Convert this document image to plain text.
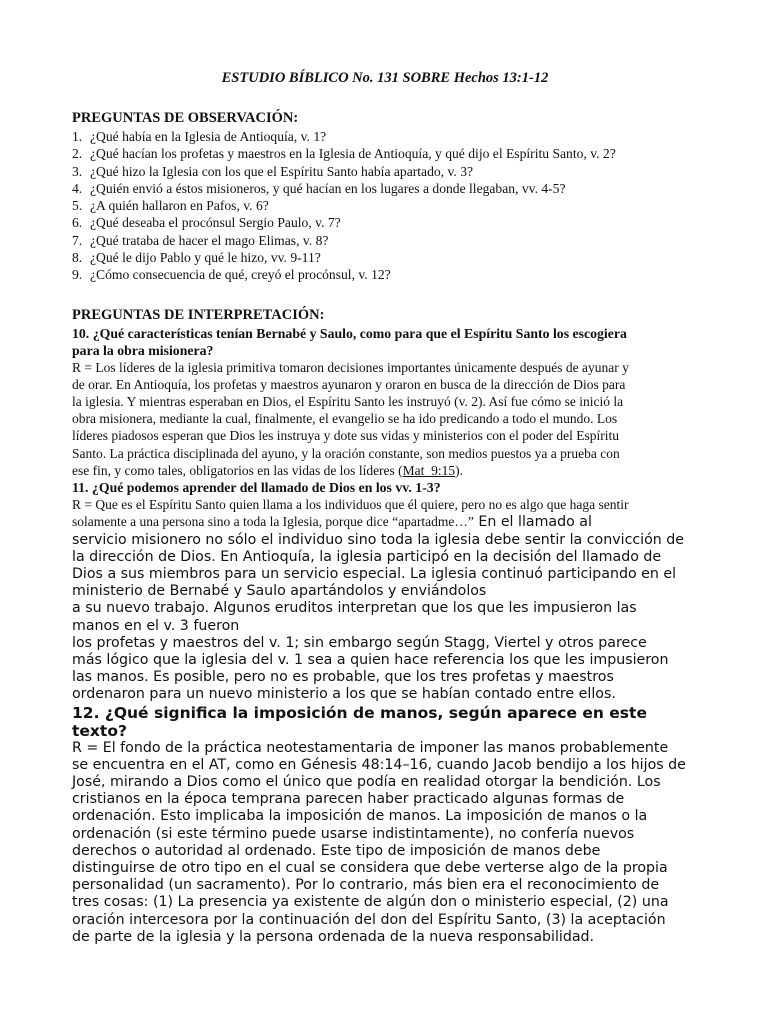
ESTUDIO BÍBLICO No. 131 SOBRE Hechos 13:1-12
PREGUNTAS DE OBSERVACIÓN:
1. ¿Qué había en la Iglesia de Antioquía, v. 1?
2. ¿Qué hacían los profetas y maestros en la Iglesia de Antioquía, y qué dijo el Espíritu Santo, v. 2?
3. ¿Qué hizo la Iglesia con los que el Espíritu Santo había apartado, v. 3?
4. ¿Quién envió a éstos misioneros, y qué hacían en los lugares a donde llegaban, vv. 4-5?
5. ¿A quién hallaron en Pafos, v. 6?
6. ¿Qué deseaba el procónsul Sergio Paulo, v. 7?
7. ¿Qué trataba de hacer el mago Elimas, v. 8?
8. ¿Qué le dijo Pablo y qué le hizo, vv. 9-11?
9. ¿Cómo consecuencia de qué, creyó el procónsul, v. 12?
PREGUNTAS DE INTERPRETACIÓN:
10. ¿Qué características tenían Bernabé y Saulo, como para que el Espíritu Santo los escogiera
para la obra misionera?
R = Los líderes de la iglesia primitiva tomaron decisiones importantes únicamente después de ayunar y
de orar. En Antioquía, los profetas y maestros ayunaron y oraron en busca de la dirección de Dios para
la iglesia. Y mientras esperaban en Dios, el Espíritu Santo les instruyó (v. 2). Así fue cómo se inició la
obra misionera, mediante la cual, finalmente, el evangelio se ha ido predicando a todo el mundo. Los
líderes piadosos esperan que Dios les instruya y dote sus vidas y ministerios con el poder del Espíritu
Santo. La práctica disciplinada del ayuno, y la oración constante, son medios puestos ya a prueba con
ese fin, y como tales, obligatorios en las vidas de los líderes (Mat_9:15).
11. ¿Qué podemos aprender del llamado de Dios en los vv. 1-3?
R = Que es el Espíritu Santo quien llama a los individuos que él quiere, pero no es algo que haga sentir
solamente a una persona sino a toda la Iglesia, porque dice “apartadme…” En el llamado al
servicio misionero no sólo el individuo sino toda la iglesia debe sentir la convicción de
la dirección de Dios. En Antioquía, la iglesia participó en la decisión del llamado de
Dios a sus miembros para un servicio especial. La iglesia continuó participando en el
ministerio de Bernabé y Saulo apartándolos y enviándolos
a su nuevo trabajo. Algunos eruditos interpretan que los que les impusieron las
manos en el v. 3 fueron
los profetas y maestros del v. 1; sin embargo según Stagg, Viertel y otros parece
más lógico que la iglesia del v. 1 sea a quien hace referencia los que les impusieron
las manos. Es posible, pero no es probable, que los tres profetas y maestros
ordenaron para un nuevo ministerio a los que se habían contado entre ellos.
12. ¿Qué significa la imposición de manos, según aparece en este texto?
R = El fondo de la práctica neotestamentaria de imponer las manos probablemente
se encuentra en el AT, como en Génesis 48:14–16, cuando Jacob bendijo a los hijos de
José, mirando a Dios como el único que podía en realidad otorgar la bendición. Los
cristianos en la época temprana parecen haber practicado algunas formas de
ordenación. Esto implicaba la imposición de manos. La imposición de manos o la
ordenación (si este término puede usarse indistintamente), no confería nuevos
derechos o autoridad al ordenado. Este tipo de imposición de manos debe
distinguirse de otro tipo en el cual se considera que debe verterse algo de la propia
personalidad (un sacramento). Por lo contrario, más bien era el reconocimiento de
tres cosas: (1) La presencia ya existente de algún don o ministerio especial, (2) una
oración intercesora por la continuación del don del Espíritu Santo, (3) la aceptación
de parte de la iglesia y la persona ordenada de la nueva responsabilidad.
